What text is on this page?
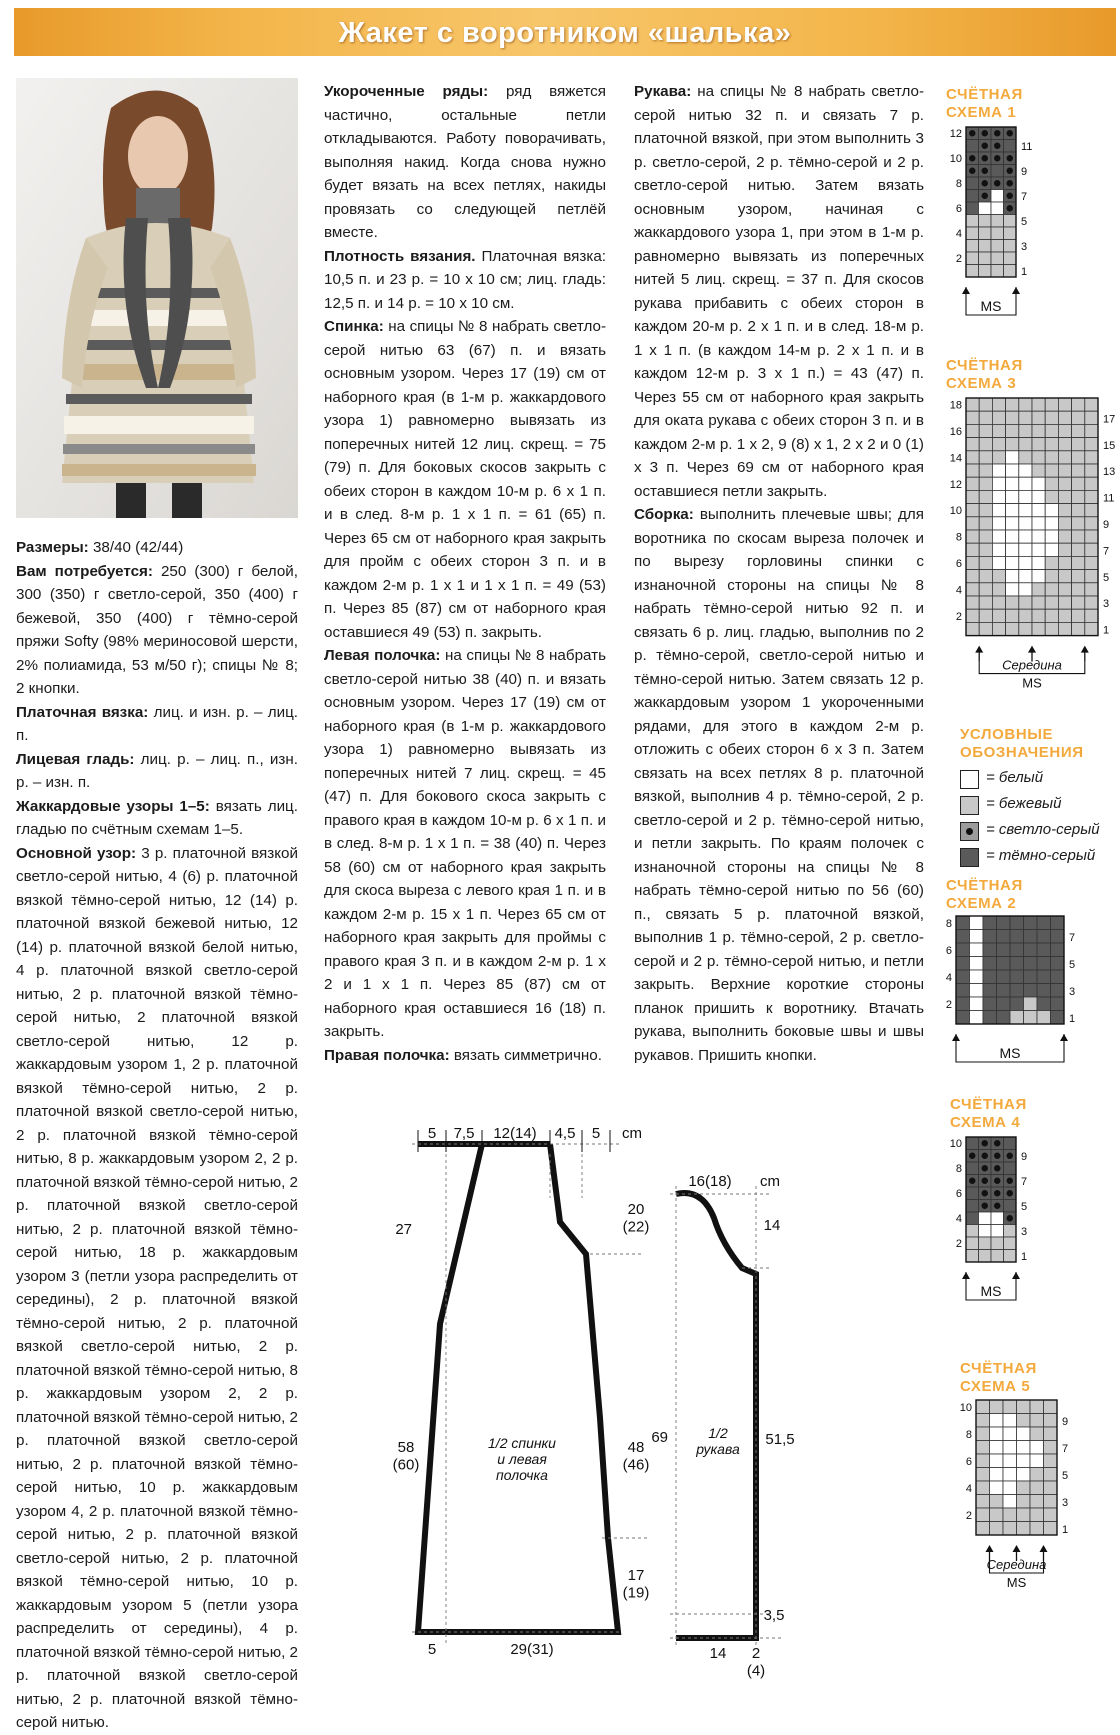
Жакет с воротником «шалька»

Размеры: 38/40 (42/44)

Вам потребуется: 250 (300) г белой, 300 (350) г светло-серой, 350 (400) г бежевой, 350 (400) г тёмно-серой пряжи Softy (98% мериносовой шерсти, 2% полиамида, 53 м/50 г); спицы № 8; 2 кнопки.

Платочная вязка: лиц. и изн. р. – лиц. п.

Лицевая гладь: лиц. р. – лиц. п., изн. р. – изн. п.

Жаккардовые узоры 1–5: вязать лиц. гладью по счётным схемам 1–5.

Основной узор: 3 р. платочной вязкой светло-серой нитью, 4 (6) р. платочной вязкой тёмно-серой нитью, 12 (14) р. платочной вязкой бежевой нитью, 12 (14) р. платочной вязкой белой нитью, 4 р. платочной вязкой светло-серой нитью, 2 р. платочной вязкой тёмно-серой нитью, 2 платочной вязкой светло-серой нитью, 12 р. жаккардовым узором 1, 2 р. платочной вязкой тёмно-серой нитью, 2 р. платочной вязкой светло-серой нитью, 2 р. платочной вязкой тёмно-серой нитью, 8 р. жаккардовым узором 2, 2 р. платочной вязкой тёмно-серой нитью, 2 р. платочной вязкой светло-серой нитью, 2 р. платочной вязкой тёмно-серой нитью, 18 р. жаккардовым узором 3 (петли узора распределить от середины), 2 р. платочной вязкой тёмно-серой нитью, 2 р. платочной вязкой светло-серой нитью, 2 р. платочной вязкой тёмно-серой нитью, 8 р. жаккардовым узором 2, 2 р. платочной вязкой тёмно-серой нитью, 2 р. платочной вязкой светло-серой нитью, 2 р. платочной вязкой тёмно-серой нитью, 10 р. жаккардовым узором 4, 2 р. платочной вязкой тёмно-серой нитью, 2 р. платочной вязкой светло-серой нитью, 2 р. платочной вязкой тёмно-серой нитью, 10 р. жаккардовым узором 5 (петли узора распределить от середины), 4 р. платочной вязкой тёмно-серой нитью, 2 р. платочной вязкой светло-серой нитью, 2 р. платочной вязкой тёмно-серой нитью.

Укороченные ряды: ряд вяжется частично, остальные петли откладываются. Работу поворачивать, выполняя накид. Когда снова нужно будет вязать на всех петлях, накиды провязать со следующей петлёй вместе.

Плотность вязания. Платочная вязка: 10,5 п. и 23 р. = 10 х 10 см; лиц. гладь: 12,5 п. и 14 р. = 10 х 10 см.

Спинка: на спицы № 8 набрать светло-серой нитью 63 (67) п. и вязать основным узором. Через 17 (19) см от наборного края (в 1-м р. жаккардового узора 1) равномерно вывязать из поперечных нитей 12 лиц. скрещ. = 75 (79) п. Для боковых скосов закрыть с обеих сторон в каждом 10-м р. 6 х 1 п. и в след. 8-м р. 1 х 1 п. = 61 (65) п. Через 65 см от наборного края закрыть для пройм с обеих сторон 3 п. и в каждом 2-м р. 1 х 1 и 1 х 1 п. = 49 (53) п. Через 85 (87) см от наборного края оставшиеся 49 (53) п. закрыть.

Левая полочка: на спицы № 8 набрать светло-серой нитью 38 (40) п. и вязать основным узором. Через 17 (19) см от наборного края (в 1-м р. жаккардового узора 1) равномерно вывязать из поперечных нитей 7 лиц. скрещ. = 45 (47) п. Для бокового скоса закрыть с правого края в каждом 10-м р. 6 х 1 п. и в след. 8-м р. 1 х 1 п. = 38 (40) п. Через 58 (60) см от наборного края закрыть для скоса выреза с левого края 1 п. и в каждом 2-м р. 15 х 1 п. Через 65 см от наборного края закрыть для проймы с правого края 3 п. и в каждом 2-м р. 1 х 2 и 1 х 1 п. Через 85 (87) см от наборного края оставшиеся 16 (18) п. закрыть.

Правая полочка: вязать симметрично.

Рукава: на спицы № 8 набрать светло-серой нитью 32 п. и связать 7 р. платочной вязкой, при этом выполнить 3 р. светло-серой, 2 р. тёмно-серой и 2 р. светло-серой нитью. Затем вязать основным узором, начиная с жаккардового узора 1, при этом в 1-м р. равномерно вывязать из поперечных нитей 5 лиц. скрещ. = 37 п. Для скосов рукава прибавить с обеих сторон в каждом 20-м р. 2 х 1 п. и в след. 18-м р. 1 х 1 п. (в каждом 14-м р. 2 х 1 п. и в каждом 12-м р. 3 х 1 п.) = 43 (47) п. Через 55 см от наборного края закрыть для оката рукава с обеих сторон 3 п. и в каждом 2-м р. 1 х 2, 9 (8) х 1, 2 х 2 и 0 (1) х 3 п. Через 69 см от наборного края оставшиеся петли закрыть.

Сборка: выполнить плечевые швы; для воротника по скосам выреза полочек и по вырезу горловины спинки с изнаночной стороны на спицы № 8 набрать тёмно-серой нитью 92 п. и связать 6 р. лиц. гладью, выполнив по 2 р. тёмно-серой, светло-серой нитью и тёмно-серой нитью. Затем связать 12 р. жаккардовым узором 1 укороченными рядами, для этого в каждом 2-м р. отложить с обеих сторон 6 х 3 п. Затем связать на всех петлях 8 р. платочной вязкой, выполнив 4 р. тёмно-серой, 2 р. светло-серой и 2 р. тёмно-серой нитью, и петли закрыть. По краям полочек с изнаночной стороны на спицы № 8 набрать тёмно-серой нитью по 56 (60) п., связать 5 р. платочной вязкой, выполнив 1 р. тёмно-серой, 2 р. светло-серой и 2 р. тёмно-серой нитью, и петли закрыть. Верхние короткие стороны планок пришить к воротнику. Втачать рукава, выполнить боковые швы и швы рукавов. Пришить кнопки.

СЧЁТНАЯ
СХЕМА 1
12
10
8
6
4
2
11
9
7
5
3
1
MS
СЧЁТНАЯ
СХЕМА 3
18
16
14
12
10
8
6
4
2
17
15
13
11
9
7
5
3
1
Середина
MS
УСЛОВНЫЕ
ОБОЗНАЧЕНИЯ
= белый
= бежевый
= светло-серый
= тёмно-серый
СЧЁТНАЯ
СХЕМА 2
8
6
4
2
7
5
3
1
MS
СЧЁТНАЯ
СХЕМА 4
10
8
6
4
2
9
7
5
3
1
MS
СЧЁТНАЯ
СХЕМА 5
10
8
6
4
2
9
7
5
3
1
Середина
MS
5 7,5 12(14) 4,5 5 cm
27
58
(60)
20
(22)
48
(46)
17
(19)
5	29(31)
1/2 спинки
и левая
полочка
16(18) cm
14
69	51,5
3,5
14 2
(4)
1/2
рукава
